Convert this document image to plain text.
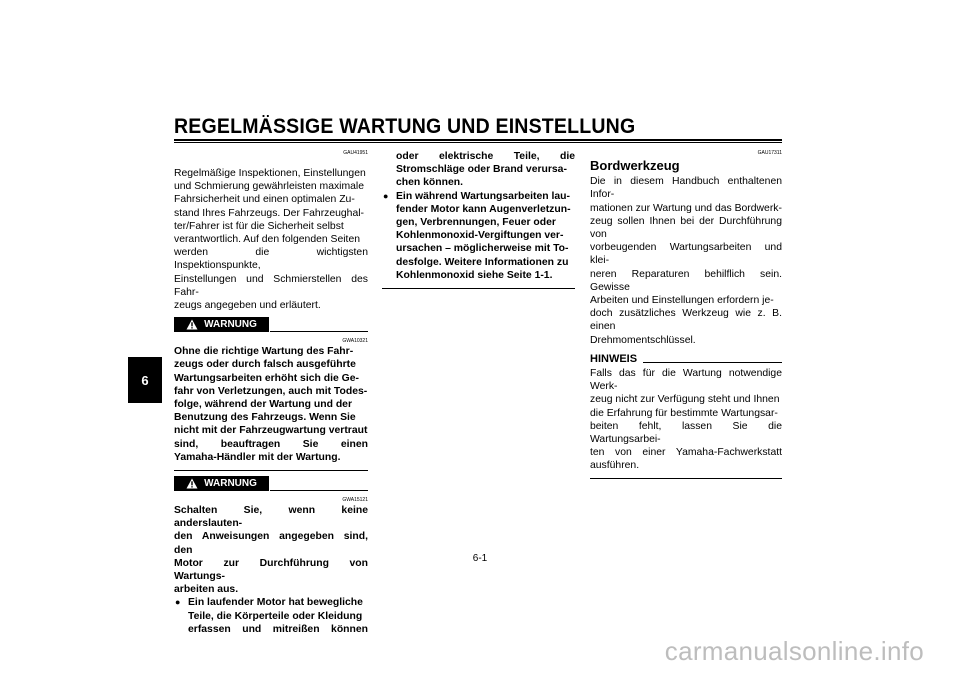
REGELMÄSSIGE WARTUNG UND EINSTELLUNG
6
GAU41951
Regelmäßige Inspektionen, Einstellungen
und Schmierung gewährleisten maximale
Fahrsicherheit und einen optimalen Zu-
stand Ihres Fahrzeugs. Der Fahrzeughal-
ter/Fahrer ist für die Sicherheit selbst
verantwortlich. Auf den folgenden Seiten
werden die wichtigsten Inspektionspunkte,
Einstellungen und Schmierstellen des Fahr-
zeugs angegeben und erläutert.
WARNUNG
GWA10321
Ohne die richtige Wartung des Fahr-
zeugs oder durch falsch ausgeführte
Wartungsarbeiten erhöht sich die Ge-
fahr von Verletzungen, auch mit Todes-
folge, während der Wartung und der
Benutzung des Fahrzeugs. Wenn Sie
nicht mit der Fahrzeugwartung vertraut
sind, beauftragen Sie einen
Yamaha-Händler mit der Wartung.
WARNUNG
GWA15121
Schalten Sie, wenn keine anderslauten-
den Anweisungen angegeben sind, den
Motor zur Durchführung von Wartungs-
arbeiten aus.
● Ein laufender Motor hat bewegliche
Teile, die Körperteile oder Kleidung
erfassen und mitreißen können
oder elektrische Teile, die
Stromschläge oder Brand verursa-
chen können.
● Ein während Wartungsarbeiten lau-
fender Motor kann Augenverletzun-
gen, Verbrennungen, Feuer oder
Kohlenmonoxid-Vergiftungen ver-
ursachen – möglicherweise mit To-
desfolge. Weitere Informationen zu
Kohlenmonoxid siehe Seite 1-1.
GAU17311
Bordwerkzeug
Die in diesem Handbuch enthaltenen Infor-
mationen zur Wartung und das Bordwerk-
zeug sollen Ihnen bei der Durchführung von
vorbeugenden Wartungsarbeiten und klei-
neren Reparaturen behilflich sein. Gewisse
Arbeiten und Einstellungen erfordern je-
doch zusätzliches Werkzeug wie z. B. einen
Drehmomentschlüssel.
HINWEIS
Falls das für die Wartung notwendige Werk-
zeug nicht zur Verfügung steht und Ihnen
die Erfahrung für bestimmte Wartungsar-
beiten fehlt, lassen Sie die Wartungsarbei-
ten von einer Yamaha-Fachwerkstatt
ausführen.
6-1
carmanualsonline.info
